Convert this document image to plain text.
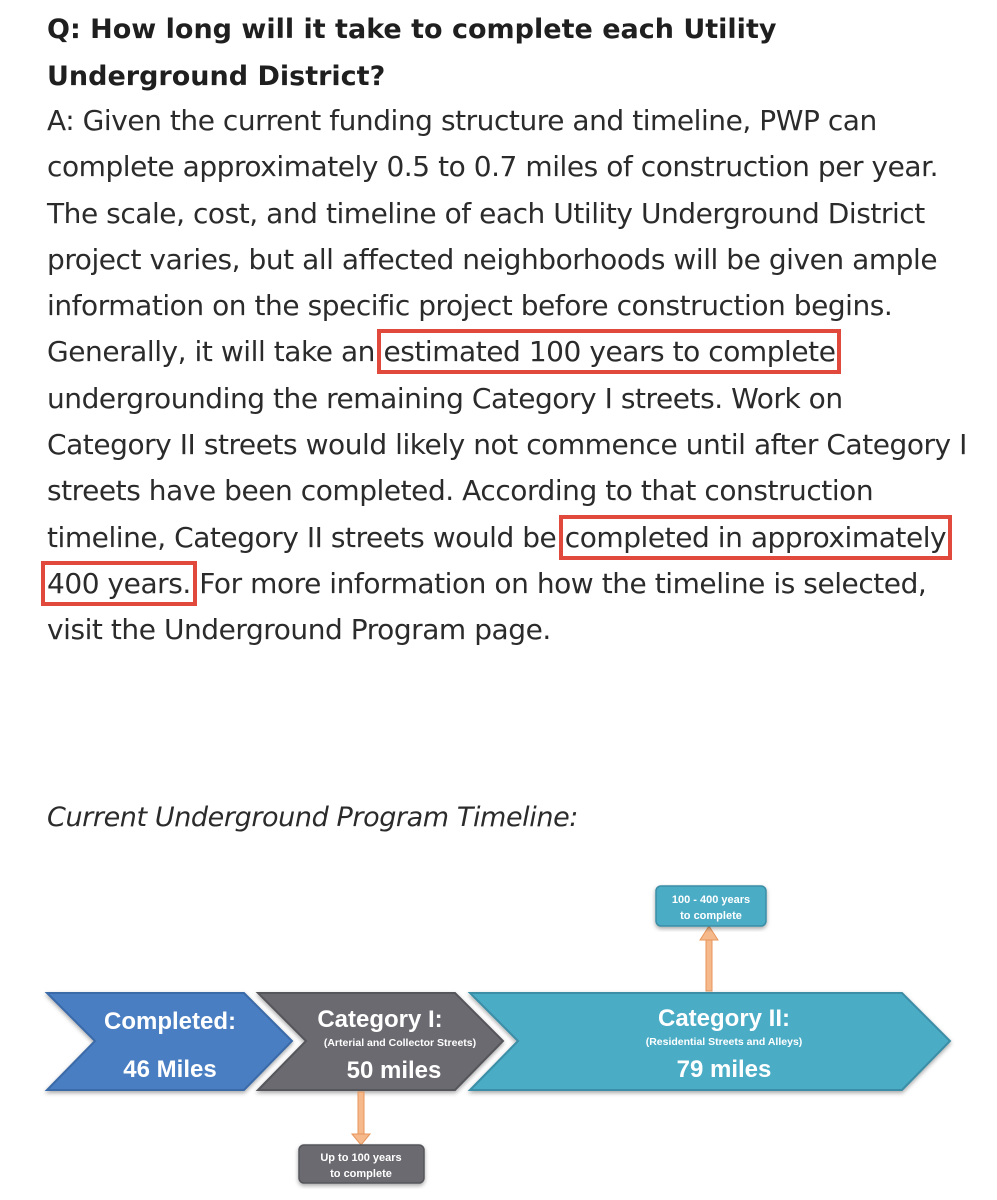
Q: How long will it take to complete each Utility Underground District?

A: Given the current funding structure and timeline, PWP can complete approximately 0.5 to 0.7 miles of construction per year. The scale, cost, and timeline of each Utility Underground District project varies, but all affected neighborhoods will be given ample information on the specific project before construction begins. Generally, it will take an estimated 100 years to complete undergrounding the remaining Category I streets. Work on Category II streets would likely not commence until after Category I streets have been completed. According to that construction timeline, Category II streets would be completed in approximately 400 years. For more information on how the timeline is selected, visit the Underground Program page.

Current Underground Program Timeline:

100 - 400 years
to complete
Completed:
46 Miles
Category I:
(Arterial and Collector Streets)
50 miles
Category II:
(Residential Streets and Alleys)
79 miles
Up to 100 years
to complete
